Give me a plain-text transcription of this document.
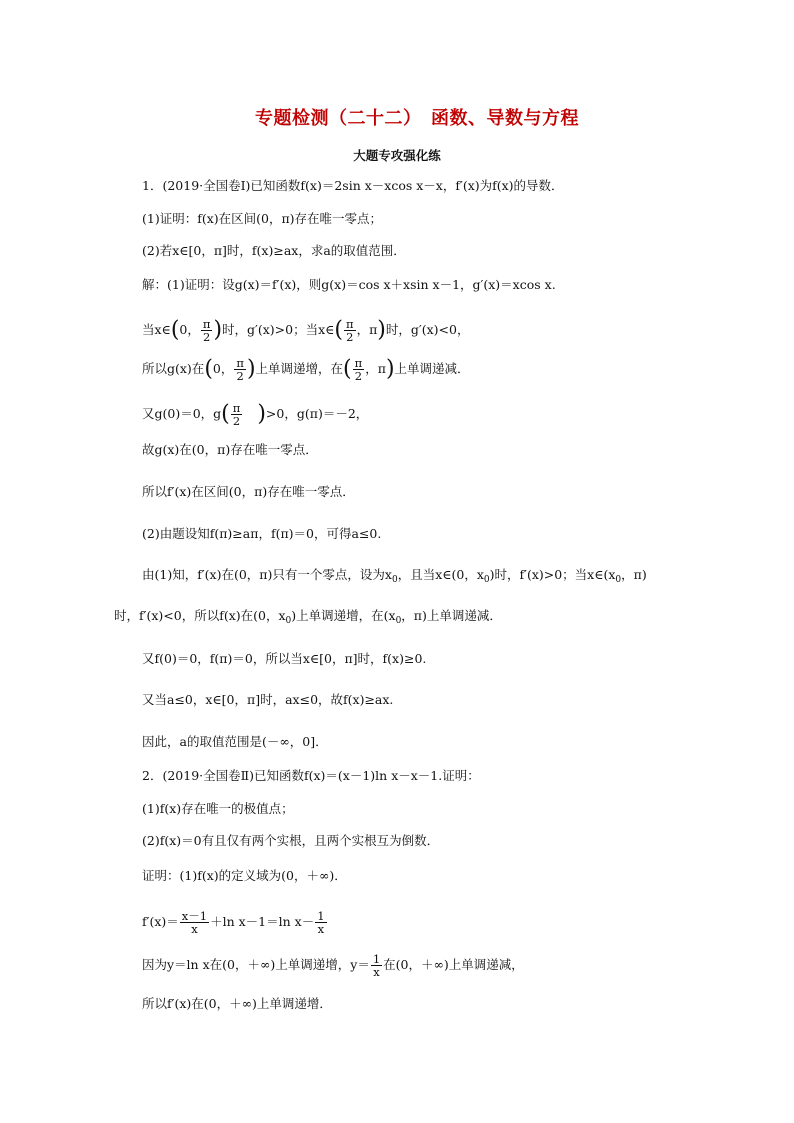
专题检测（二十二）　函数、导数与方程
大题专攻强化练
1．(2019·全国卷Ⅰ)已知函数f(x)＝2sin x－xcos x－x，f′(x)为f(x)的导数．
(1)证明：f(x)在区间(0，π)存在唯一零点；
(2)若x∈[0，π]时，f(x)≥ax，求a的取值范围．
解：(1)证明：设g(x)＝f′(x)，则g(x)＝cos x＋xsin x－1，g′(x)＝xcos x.
当x∈(0， $\frac{\pi}{2}$ )时，g′(x)>0；当x∈( $\frac{\pi}{2}$ ，π)时，g′(x)<0，
所以g(x)在(0， $\frac{\pi}{2}$ )上单调递增，在( $\frac{\pi}{2}$ ，π)上单调递减．
又g(0)＝0，$g( \frac{\pi}{2} )>0$，g(π)＝－2，
故g(x)在(0，π)存在唯一零点．
所以f′(x)在区间(0，π)存在唯一零点．
(2)由题设知f(π)≥aπ，f(π)＝0，可得a≤0.
由(1)知，f′(x)在(0，π)只有一个零点，设为$x_0$，且当x∈(0，$x_0$)时，f′(x)>0；当$x\in(x_0$，π)
时，f′(x)<0，所以f(x)在(0，$x_0$)上单调递增，在($x_0$，π)上单调递减．
又f(0)＝0，f(π)＝0，所以当x∈[0，π]时，f(x)≥0.
又当a≤0，x∈[0，π]时，ax≤0，故f(x)≥ax.
因此，a的取值范围是(－∞，0]．
2．(2019·全国卷Ⅱ)已知函数f(x)＝(x－1)ln x－x－1.证明：
(1)f(x)存在唯一的极值点；
(2)f(x)＝0有且仅有两个实根，且两个实根互为倒数．
证明：(1)f(x)的定义域为(0，＋∞)．
$f'(x)= \frac{x-1}{x} +\ln$ x－1＝ln $x- \frac{1}{x}$
因为y＝ln x在(0，＋∞)上单调递增，$y= \frac{1}{x}$ 在(0，＋∞)上单调递减，
所以f′(x)在(0，＋∞)上单调递增．
